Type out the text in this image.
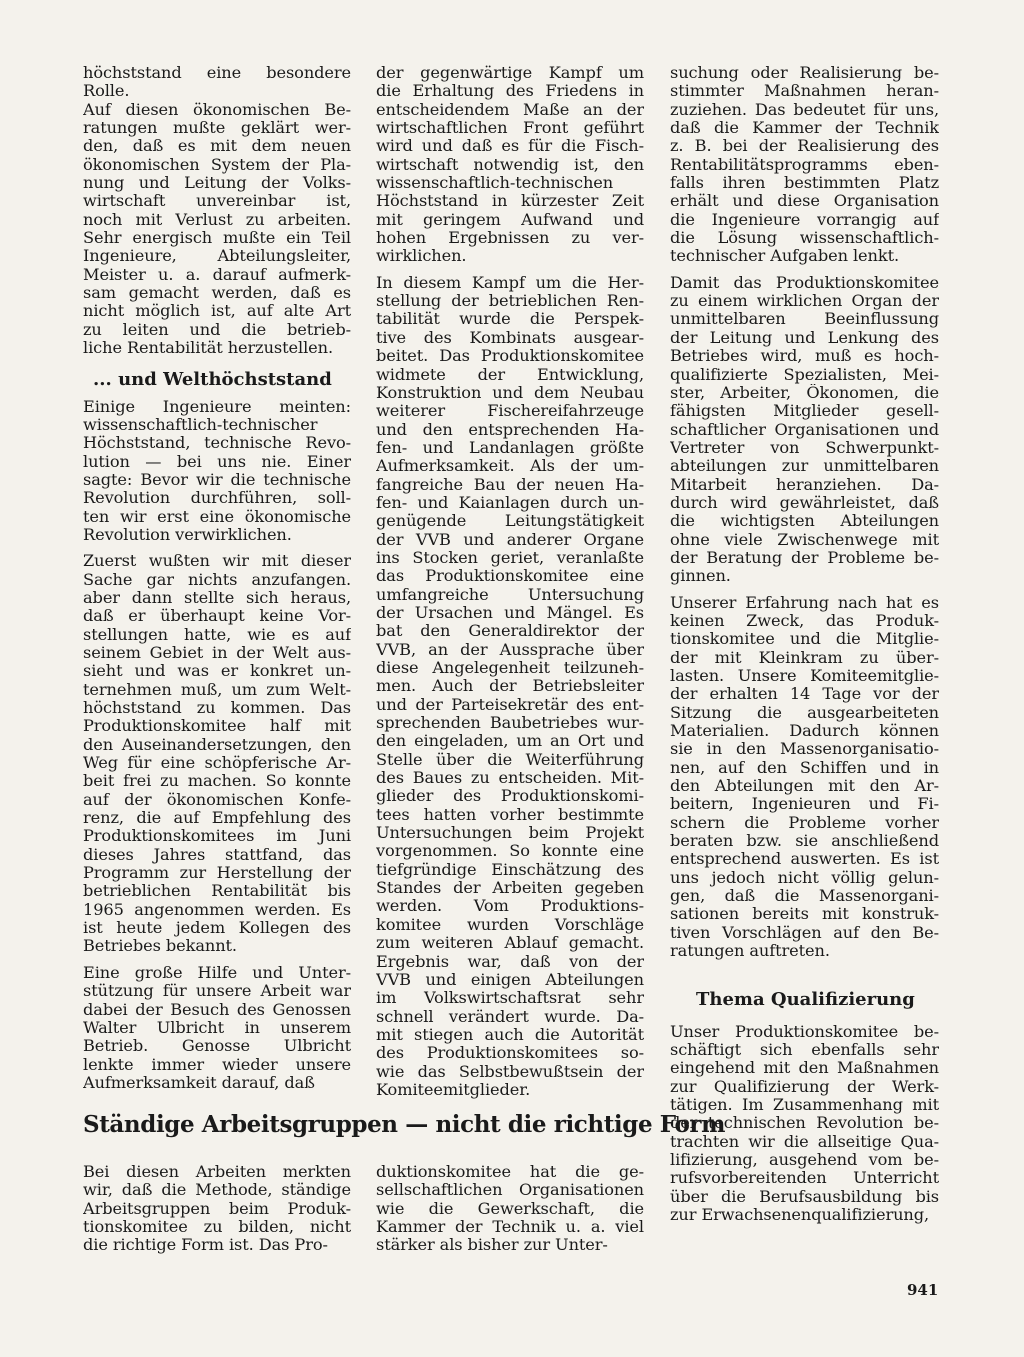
höchststand eine besondere
Rolle.
Auf diesen ökonomischen Be-
ratungen mußte geklärt wer-
den, daß es mit dem neuen
ökonomischen System der Pla-
nung und Leitung der Volks-
wirtschaft unvereinbar ist,
noch mit Verlust zu arbeiten.
Sehr energisch mußte ein Teil
Ingenieure, Abteilungsleiter,
Meister u. a. darauf aufmerk-
sam gemacht werden, daß es
nicht möglich ist, auf alte Art
zu leiten und die betrieb-
liche Rentabilität herzustellen.
... und Welthöchststand
Einige Ingenieure meinten:
wissenschaftlich-technischer
Höchststand, technische Revo-
lution — bei uns nie. Einer
sagte: Bevor wir die technische
Revolution durchführen, soll-
ten wir erst eine ökonomische
Revolution verwirklichen.
Zuerst wußten wir mit dieser
Sache gar nichts anzufangen.
aber dann stellte sich heraus,
daß er überhaupt keine Vor-
stellungen hatte, wie es auf
seinem Gebiet in der Welt aus-
sieht und was er konkret un-
ternehmen muß, um zum Welt-
höchststand zu kommen. Das
Produktionskomitee half mit
den Auseinandersetzungen, den
Weg für eine schöpferische Ar-
beit frei zu machen. So konnte
auf der ökonomischen Konfe-
renz, die auf Empfehlung des
Produktionskomitees im Juni
dieses Jahres stattfand, das
Programm zur Herstellung der
betrieblichen Rentabilität bis
1965 angenommen werden. Es
ist heute jedem Kollegen des
Betriebes bekannt.
Eine große Hilfe und Unter-
stützung für unsere Arbeit war
dabei der Besuch des Genossen
Walter Ulbricht in unserem
Betrieb. Genosse Ulbricht
lenkte immer wieder unsere
Aufmerksamkeit darauf, daß
der gegenwärtige Kampf um
die Erhaltung des Friedens in
entscheidendem Maße an der
wirtschaftlichen Front geführt
wird und daß es für die Fisch-
wirtschaft notwendig ist, den
wissenschaftlich-technischen
Höchststand in kürzester Zeit
mit geringem Aufwand und
hohen Ergebnissen zu ver-
wirklichen.
In diesem Kampf um die Her-
stellung der betrieblichen Ren-
tabilität wurde die Perspek-
tive des Kombinats ausgear-
beitet. Das Produktionskomitee
widmete der Entwicklung,
Konstruktion und dem Neubau
weiterer Fischereifahrzeuge
und den entsprechenden Ha-
fen- und Landanlagen größte
Aufmerksamkeit. Als der um-
fangreiche Bau der neuen Ha-
fen- und Kaianlagen durch un-
genügende Leitungstätigkeit
der VVB und anderer Organe
ins Stocken geriet, veranlaßte
das Produktionskomitee eine
umfangreiche Untersuchung
der Ursachen und Mängel. Es
bat den Generaldirektor der
VVB, an der Aussprache über
diese Angelegenheit teilzuneh-
men. Auch der Betriebsleiter
und der Parteisekretär des ent-
sprechenden Baubetriebes wur-
den eingeladen, um an Ort und
Stelle über die Weiterführung
des Baues zu entscheiden. Mit-
glieder des Produktionskomi-
tees hatten vorher bestimmte
Untersuchungen beim Projekt
vorgenommen. So konnte eine
tiefgründige Einschätzung des
Standes der Arbeiten gegeben
werden. Vom Produktions-
komitee wurden Vorschläge
zum weiteren Ablauf gemacht.
Ergebnis war, daß von der
VVB und einigen Abteilungen
im Volkswirtschaftsrat sehr
schnell verändert wurde. Da-
mit stiegen auch die Autorität
des Produktionskomitees so-
wie das Selbstbewußtsein der
Komiteemitglieder.
suchung oder Realisierung be-
stimmter Maßnahmen heran-
zuziehen. Das bedeutet für uns,
daß die Kammer der Technik
z. B. bei der Realisierung des
Rentabilitätsprogramms eben-
falls ihren bestimmten Platz
erhält und diese Organisation
die Ingenieure vorrangig auf
die Lösung wissenschaftlich-
technischer Aufgaben lenkt.
Damit das Produktionskomitee
zu einem wirklichen Organ der
unmittelbaren Beeinflussung
der Leitung und Lenkung des
Betriebes wird, muß es hoch-
qualifizierte Spezialisten, Mei-
ster, Arbeiter, Ökonomen, die
fähigsten Mitglieder gesell-
schaftlicher Organisationen und
Vertreter von Schwerpunkt-
abteilungen zur unmittelbaren
Mitarbeit heranziehen. Da-
durch wird gewährleistet, daß
die wichtigsten Abteilungen
ohne viele Zwischenwege mit
der Beratung der Probleme be-
ginnen.
Unserer Erfahrung nach hat es
keinen Zweck, das Produk-
tionskomitee und die Mitglie-
der mit Kleinkram zu über-
lasten. Unsere Komiteemitglie-
der erhalten 14 Tage vor der
Sitzung die ausgearbeiteten
Materialien. Dadurch können
sie in den Massenorganisatio-
nen, auf den Schiffen und in
den Abteilungen mit den Ar-
beitern, Ingenieuren und Fi-
schern die Probleme vorher
beraten bzw. sie anschließend
entsprechend auswerten. Es ist
uns jedoch nicht völlig gelun-
gen, daß die Massenorgani-
sationen bereits mit konstruk-
tiven Vorschlägen auf den Be-
ratungen auftreten.
Thema Qualifizierung
Unser Produktionskomitee be-
schäftigt sich ebenfalls sehr
eingehend mit den Maßnahmen
zur Qualifizierung der Werk-
tätigen. Im Zusammenhang mit
der technischen Revolution be-
trachten wir die allseitige Qua-
lifizierung, ausgehend vom be-
rufsvorbereitenden Unterricht
über die Berufsausbildung bis
zur Erwachsenenqualifizierung,
Ständige Arbeitsgruppen — nicht die richtige Form
Bei diesen Arbeiten merkten
wir, daß die Methode, ständige
Arbeitsgruppen beim Produk-
tionskomitee zu bilden, nicht
die richtige Form ist. Das Pro-
duktionskomitee hat die ge-
sellschaftlichen Organisationen
wie die Gewerkschaft, die
Kammer der Technik u. a. viel
stärker als bisher zur Unter-
941
